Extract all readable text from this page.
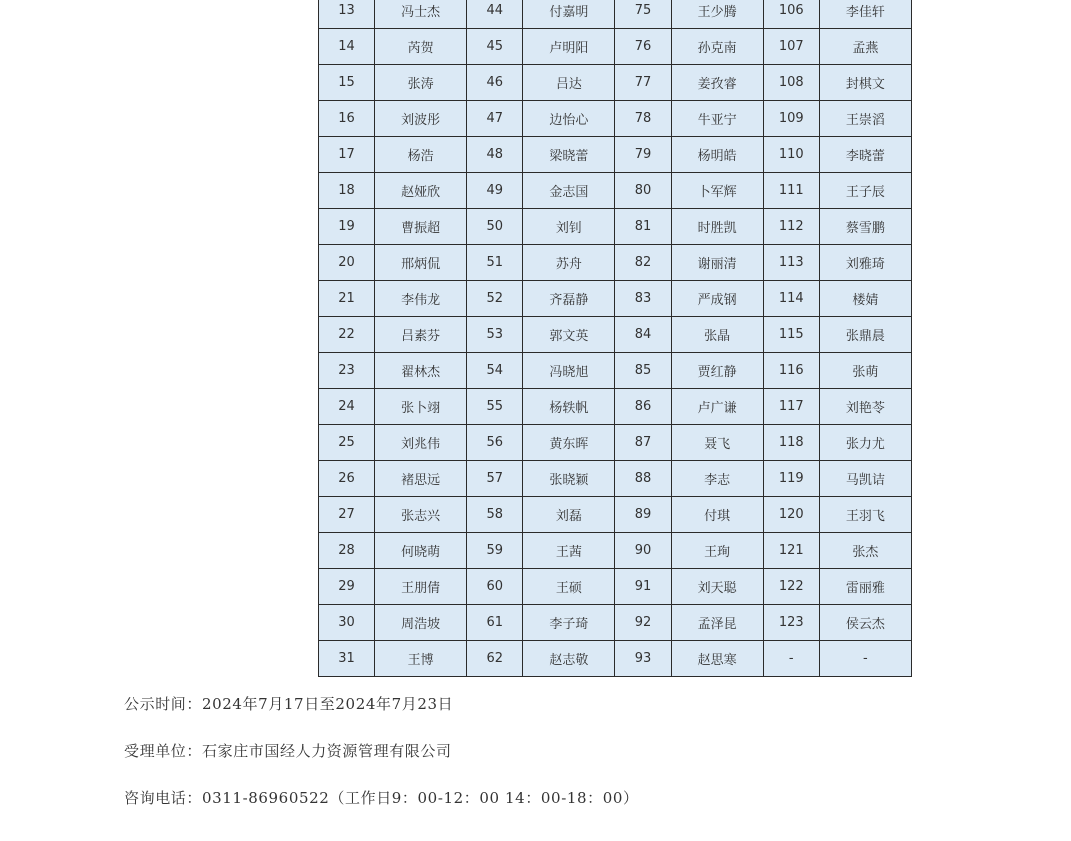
13	冯士杰	44	付嘉明	75	王少腾	106	李佳轩
14	芮贺	45	卢明阳	76	孙克南	107	孟燕
15	张涛	46	吕达	77	姜孜睿	108	封棋文
16	刘波彤	47	边怡心	78	牛亚宁	109	王崇滔
17	杨浩	48	梁晓蕾	79	杨明皓	110	李晓蕾
18	赵娅欣	49	金志国	80	卜军辉	111	王子辰
19	曹振超	50	刘钊	81	时胜凯	112	蔡雪鹏
20	邢炳侃	51	苏舟	82	谢丽清	113	刘雅琦
21	李伟龙	52	齐磊静	83	严成钢	114	楼婧
22	吕素芬	53	郭文英	84	张晶	115	张鼎晨
23	翟林杰	54	冯晓旭	85	贾红静	116	张萌
24	张卜翊	55	杨轶帆	86	卢广谦	117	刘艳苓
25	刘兆伟	56	黄东晖	87	聂飞	118	张力尤
26	褚思远	57	张晓颖	88	李志	119	马凯诘
27	张志兴	58	刘磊	89	付琪	120	王羽飞
28	何晓萌	59	王茜	90	王珣	121	张杰
29	王朋倩	60	王硕	91	刘天聪	122	雷丽雅
30	周浩坡	61	李子琦	92	孟泽昆	123	侯云杰
31	王博	62	赵志敬	93	赵思寒	-	-
公示时间：2024年7月17日至2024年7月23日
受理单位：石家庄市国经人力资源管理有限公司
咨询电话：0311-86960522（工作日9：00-12：00 14：00-18：00）
